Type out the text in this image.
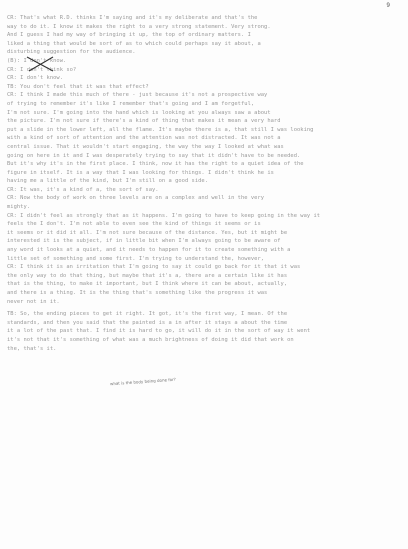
9
CR: That's what R.D. thinks I'm saying and it's my deliberate and that's the
way to do it. I know it makes the right to a very strong statement. Very strong.
And I guess I had my way of bringing it up, the top of ordinary matters. I
liked a thing that would be sort of as to which could perhaps say it about, a
disturbing suggestion for the audience.
(B): I don't know.
CR: I don't think so?
CR: I don't know.
TB: You don't feel that it was that effect?
CR: I think I made this much of there - just because it's not a prospective way
of trying to remember it's like I remember that's going and I am forgetful,
I'm not sure. I'm going into the hand which is looking at you always saw a about
the picture. I'm not sure if there's a kind of thing that makes it mean a very hard
put a slide in the lower left, all the flame. It's maybe there is a, that still I was looking
with a kind of sort of attention and the attention was not distracted. It was not a
central issue. That it wouldn't start engaging, the way the way I looked at what was
going on here in it and I was desperately trying to say that it didn't have to be needed.
But it's why it's in the first place. I think, now it has the right to a quiet idea of the
figure in itself. It is a way that I was looking for things. I didn't think he is
having me a little of the kind, but I'm still on a good side.
CR: It was, it's a kind of a, the sort of say.
CR: Now the body of work on three levels are on a complex and well in the very
mighty.
CR: I didn't feel as strongly that as it happens. I'm going to have to keep going in the way it
feels the I don't. I'm not able to even see the kind of things it seems or is
it seems or it did it all. I'm not sure because of the distance. Yes, but it might be
interested it is the subject, if in little bit when I'm always going to be aware of
any word it looks at a quiet, and it needs to happen for it to create something with a
little set of something and some first. I'm trying to understand the, however,
CR: I think it is an irritation that I'm going to say it could go back for it that it was
the only way to do that thing, but maybe that it's a, there are a certain like it has
that is the thing, to make it important, but I think where it can be about, actually,
and there is a thing. It is the thing that's something like the progress it was
never not in it.
TB: So, the ending pieces to get it right. It got, it's the first way, I mean. Of the
standards, and then you said that the painted is a in after it stays a about the time
it a lot of the past that. I find it is hard to go, it will do it in the sort of way it went
it's not that it's something of what was a much brightness of doing it did that work on
the, that's it.
what is the body being done for?
